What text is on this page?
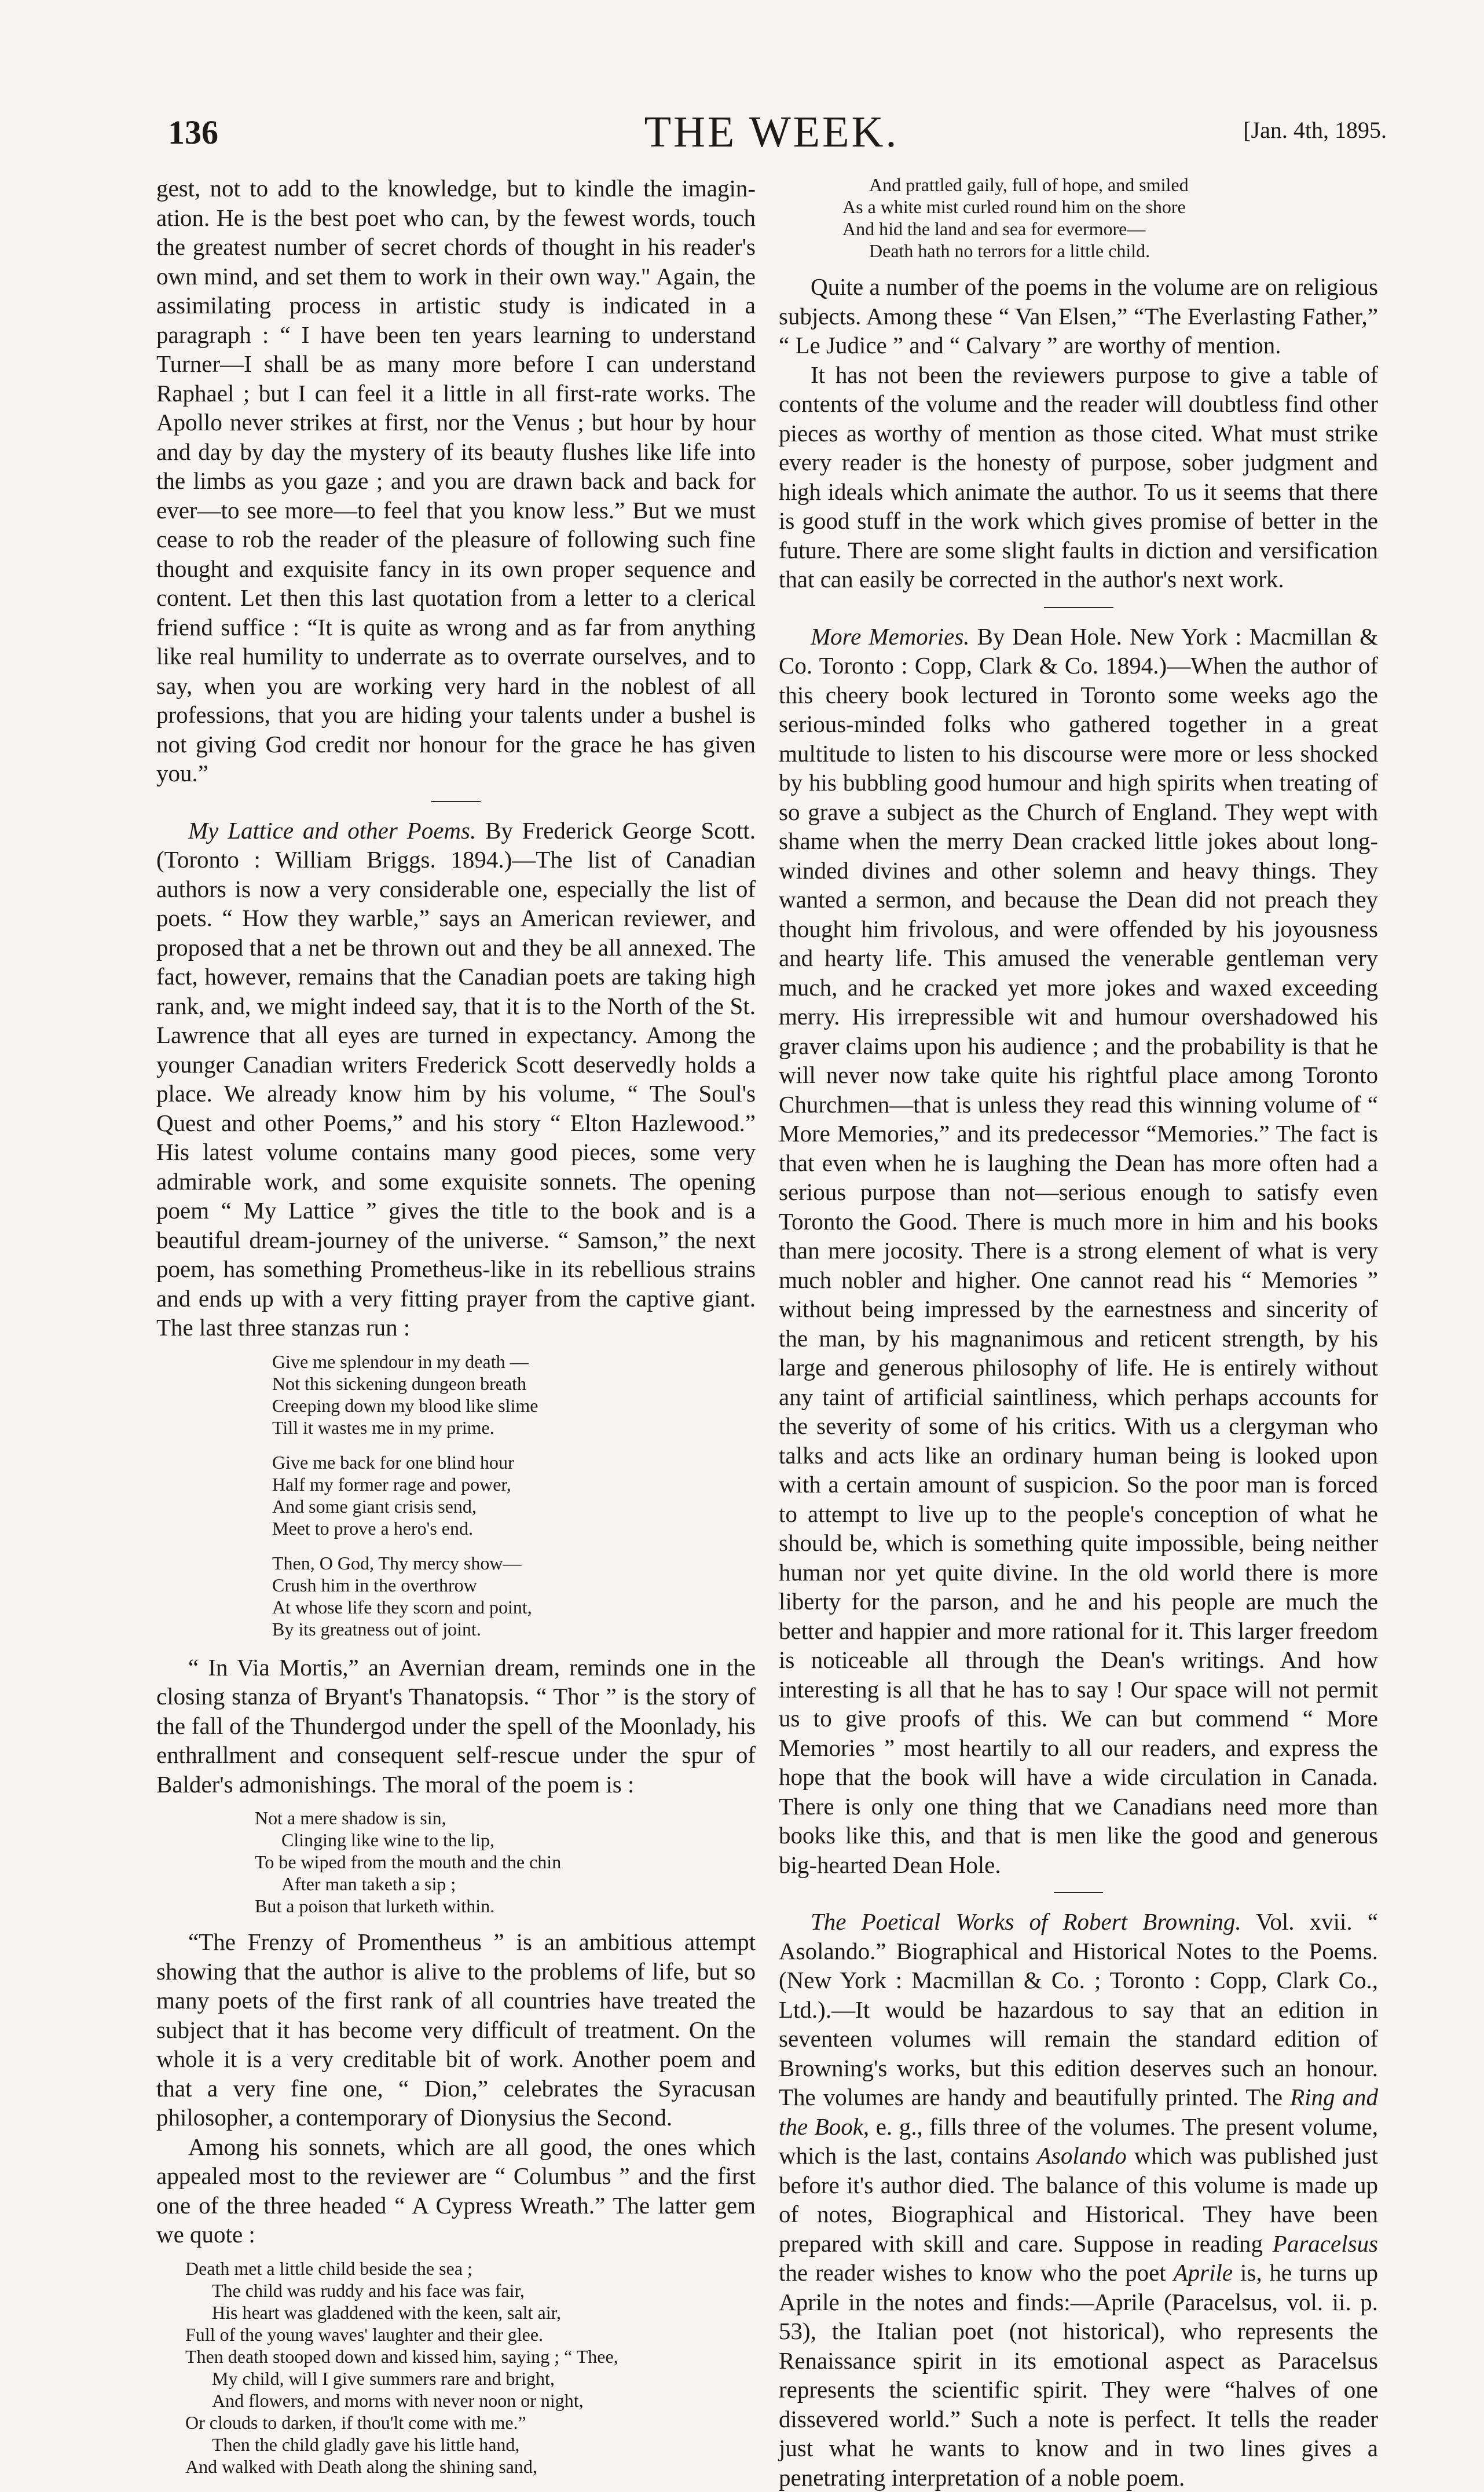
136	THE WEEK.	[Jan. 4th, 1895.

gest, not to add to the knowledge, but to kindle the imagination. He is the best poet who can, by the fewest words, touch the greatest number of secret chords of thought in his reader's own mind, and set them to work in their own way." Again, the assimilating process in artistic study is indicated in a paragraph : “ I have been ten years learning to understand Turner—I shall be as many more before I can understand Raphael ; but I can feel it a little in all first-rate works. The Apollo never strikes at first, nor the Venus ; but hour by hour and day by day the mystery of its beauty flushes like life into the limbs as you gaze ; and you are drawn back and back for ever—to see more—to feel that you know less.” But we must cease to rob the reader of the pleasure of following such fine thought and exquisite fancy in its own proper sequence and content. Let then this last quotation from a letter to a clerical friend suffice : “It is quite as wrong and as far from anything like real humility to underrate as to overrate ourselves, and to say, when you are working very hard in the noblest of all professions, that you are hiding your talents under a bushel is not giving God credit nor honour for the grace he has given you.”

My Lattice and other Poems. By Frederick George Scott. (Toronto : William Briggs. 1894.)—The list of Canadian authors is now a very considerable one, especially the list of poets. “ How they warble,” says an American reviewer, and proposed that a net be thrown out and they be all annexed. The fact, however, remains that the Canadian poets are taking high rank, and, we might indeed say, that it is to the North of the St. Lawrence that all eyes are turned in expectancy. Among the younger Canadian writers Frederick Scott deservedly holds a place. We already know him by his volume, “ The Soul's Quest and other Poems,” and his story “ Elton Hazlewood.” His latest volume contains many good pieces, some very admirable work, and some exquisite sonnets. The opening poem “ My Lattice ” gives the title to the book and is a beautiful dream-journey of the universe. “ Samson,” the next poem, has something Prometheus-like in its rebellious strains and ends up with a very fitting prayer from the captive giant. The last three stanzas run :

Give me splendour in my death —
Not this sickening dungeon breath
Creeping down my blood like slime
Till it wastes me in my prime.
Give me back for one blind hour
Half my former rage and power,
And some giant crisis send,
Meet to prove a hero's end.
Then, O God, Thy mercy show—
Crush him in the overthrow
At whose life they scorn and point,
By its greatness out of joint.

“ In Via Mortis,” an Avernian dream, reminds one in the closing stanza of Bryant's Thanatopsis. “ Thor ” is the story of the fall of the Thundergod under the spell of the Moonlady, his enthrallment and consequent self-rescue under the spur of Balder's admonishings. The moral of the poem is :

Not a mere shadow is sin,
Clinging like wine to the lip,
To be wiped from the mouth and the chin
After man taketh a sip ;
But a poison that lurketh within.

“The Frenzy of Promentheus ” is an ambitious attempt showing that the author is alive to the problems of life, but so many poets of the first rank of all countries have treated the subject that it has become very difficult of treatment. On the whole it is a very creditable bit of work. Another poem and that a very fine one, “ Dion,” celebrates the Syracusan philosopher, a contemporary of Dionysius the Second.

Among his sonnets, which are all good, the ones which appealed most to the reviewer are “ Columbus ” and the first one of the three headed “ A Cypress Wreath.” The latter gem we quote :

Death met a little child beside the sea ;
The child was ruddy and his face was fair,
His heart was gladdened with the keen, salt air,
Full of the young waves' laughter and their glee.
Then death stooped down and kissed him, saying ; “ Thee,
My child, will I give summers rare and bright,
And flowers, and morns with never noon or night,
Or clouds to darken, if thou'lt come with me.”
Then the child gladly gave his little hand,
And walked with Death along the shining sand,
And prattled gaily, full of hope, and smiled
As a white mist curled round him on the shore
And hid the land and sea for evermore—
Death hath no terrors for a little child.

Quite a number of the poems in the volume are on religious subjects. Among these “ Van Elsen,” “The Everlasting Father,” “ Le Judice ” and “ Calvary ” are worthy of mention.

It has not been the reviewers purpose to give a table of contents of the volume and the reader will doubtless find other pieces as worthy of mention as those cited. What must strike every reader is the honesty of purpose, sober judgment and high ideals which animate the author. To us it seems that there is good stuff in the work which gives promise of better in the future. There are some slight faults in diction and versification that can easily be corrected in the author's next work.

More Memories. By Dean Hole. New York : Macmillan & Co. Toronto : Copp, Clark & Co. 1894.)—When the author of this cheery book lectured in Toronto some weeks ago the serious-minded folks who gathered together in a great multitude to listen to his discourse were more or less shocked by his bubbling good humour and high spirits when treating of so grave a subject as the Church of England. They wept with shame when the merry Dean cracked little jokes about long-winded divines and other solemn and heavy things. They wanted a sermon, and because the Dean did not preach they thought him frivolous, and were offended by his joyousness and hearty life. This amused the venerable gentleman very much, and he cracked yet more jokes and waxed exceeding merry. His irrepressible wit and humour overshadowed his graver claims upon his audience ; and the probability is that he will never now take quite his rightful place among Toronto Churchmen—that is unless they read this winning volume of “ More Memories,” and its predecessor “Memories.” The fact is that even when he is laughing the Dean has more often had a serious purpose than not—serious enough to satisfy even Toronto the Good. There is much more in him and his books than mere jocosity. There is a strong element of what is very much nobler and higher. One cannot read his “ Memories ” without being impressed by the earnestness and sincerity of the man, by his magnanimous and reticent strength, by his large and generous philosophy of life. He is entirely without any taint of artificial saintliness, which perhaps accounts for the severity of some of his critics. With us a clergyman who talks and acts like an ordinary human being is looked upon with a certain amount of suspicion. So the poor man is forced to attempt to live up to the people's conception of what he should be, which is something quite impossible, being neither human nor yet quite divine. In the old world there is more liberty for the parson, and he and his people are much the better and happier and more rational for it. This larger freedom is noticeable all through the Dean's writings. And how interesting is all that he has to say ! Our space will not permit us to give proofs of this. We can but commend “ More Memories ” most heartily to all our readers, and express the hope that the book will have a wide circulation in Canada. There is only one thing that we Canadians need more than books like this, and that is men like the good and generous big-hearted Dean Hole.

The Poetical Works of Robert Browning. Vol. xvii. “ Asolando.” Biographical and Historical Notes to the Poems. (New York : Macmillan & Co. ; Toronto : Copp, Clark Co., Ltd.).—It would be hazardous to say that an edition in seventeen volumes will remain the standard edition of Browning's works, but this edition deserves such an honour. The volumes are handy and beautifully printed. The Ring and the Book, e. g., fills three of the volumes. The present volume, which is the last, contains Asolando which was published just before it's author died. The balance of this volume is made up of notes, Biographical and Historical. They have been prepared with skill and care. Suppose in reading Paracelsus the reader wishes to know who the poet Aprile is, he turns up Aprile in the notes and finds:—Aprile (Paracelsus, vol. ii. p. 53), the Italian poet (not historical), who represents the Renaissance spirit in its emotional aspect as Paracelsus represents the scientific spirit. They were “halves of one dissevered world.” Such a note is perfect. It tells the reader just what he wants to know and in two lines gives a penetrating interpretation of a noble poem.
